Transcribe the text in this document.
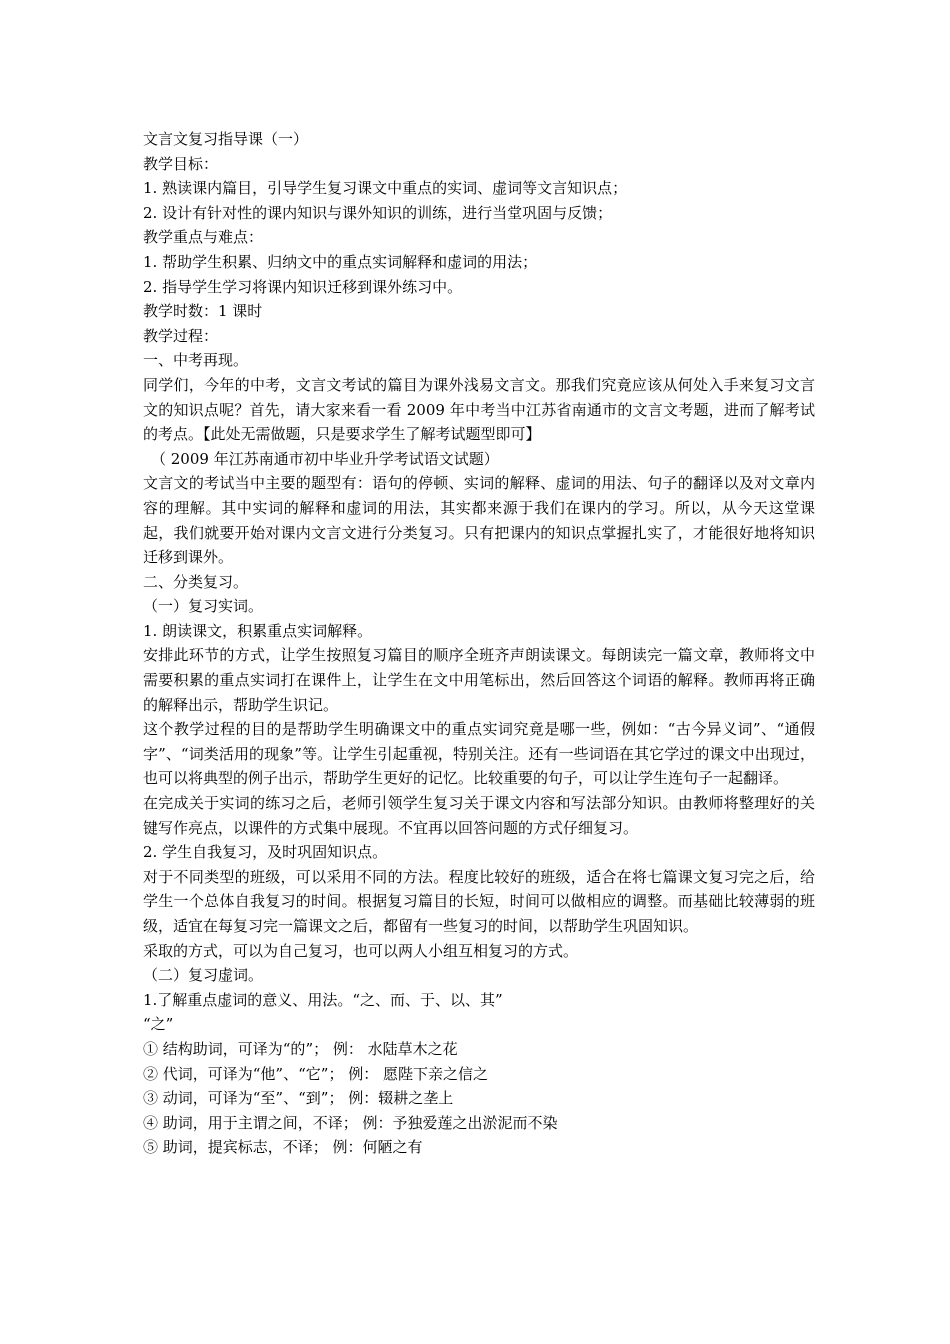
文言文复习指导课（一）

教学目标：

1. 熟读课内篇目，引导学生复习课文中重点的实词、虚词等文言知识点；

2. 设计有针对性的课内知识与课外知识的训练，进行当堂巩固与反馈；

教学重点与难点：

1. 帮助学生积累、归纳文中的重点实词解释和虚词的用法；

2. 指导学生学习将课内知识迁移到课外练习中。

教学时数：1 课时

教学过程：

一、中考再现。

同学们，今年的中考，文言文考试的篇目为课外浅易文言文。那我们究竟应该从何处入手来复习文言文的知识点呢？首先，请大家来看一看 2009 年中考当中江苏省南通市的文言文考题，进而了解考试的考点。【此处无需做题，只是要求学生了解考试题型即可】

（ 2009 年江苏南通市初中毕业升学考试语文试题）

文言文的考试当中主要的题型有：语句的停顿、实词的解释、虚词的用法、句子的翻译以及对文章内容的理解。其中实词的解释和虚词的用法，其实都来源于我们在课内的学习。所以，从今天这堂课起，我们就要开始对课内文言文进行分类复习。只有把课内的知识点掌握扎实了，才能很好地将知识迁移到课外。

二、分类复习。

（一）复习实词。

1. 朗读课文，积累重点实词解释。

安排此环节的方式，让学生按照复习篇目的顺序全班齐声朗读课文。每朗读完一篇文章，教师将文中需要积累的重点实词打在课件上，让学生在文中用笔标出，然后回答这个词语的解释。教师再将正确的解释出示，帮助学生识记。

这个教学过程的目的是帮助学生明确课文中的重点实词究竟是哪一些，例如：“古今异义词”、“通假字”、“词类活用的现象”等。让学生引起重视，特别关注。还有一些词语在其它学过的课文中出现过，也可以将典型的例子出示，帮助学生更好的记忆。比较重要的句子，可以让学生连句子一起翻译。

在完成关于实词的练习之后，老师引领学生复习关于课文内容和写法部分知识。由教师将整理好的关键写作亮点，以课件的方式集中展现。不宜再以回答问题的方式仔细复习。

2. 学生自我复习，及时巩固知识点。

对于不同类型的班级，可以采用不同的方法。程度比较好的班级，适合在将七篇课文复习完之后，给学生一个总体自我复习的时间。根据复习篇目的长短，时间可以做相应的调整。而基础比较薄弱的班级，适宜在每复习完一篇课文之后，都留有一些复习的时间，以帮助学生巩固知识。

采取的方式，可以为自己复习，也可以两人小组互相复习的方式。

（二）复习虚词。

1.了解重点虚词的意义、用法。“之、而、于、以、其”

“之”

① 结构助词，可译为“的”； 例： 水陆草木之花

② 代词，可译为“他”、“它”； 例： 愿陛下亲之信之

③ 动词，可译为“至”、“到”； 例：辍耕之垄上

④ 助词，用于主谓之间，不译； 例：予独爱莲之出淤泥而不染

⑤ 助词，提宾标志，不译； 例：何陋之有
